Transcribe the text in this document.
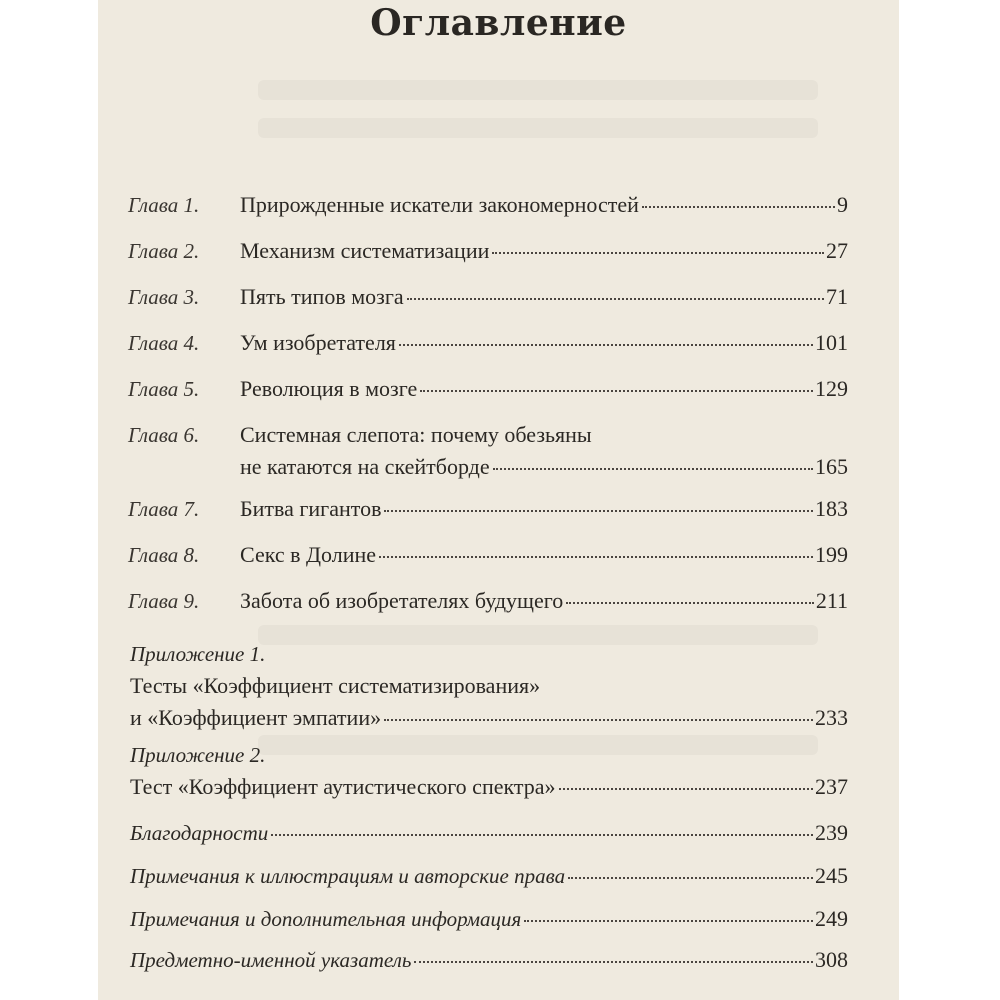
Оглавление
Глава 1. Прирожденные искатели закономерностей	9
Глава 2. Механизм систематизации	27
Глава 3. Пять типов мозга	71
Глава 4. Ум изобретателя	101
Глава 5. Революция в мозге	129
Глава 6. Системная слепота: почему обезьяны
не катаются на скейтборде	165
Глава 7. Битва гигантов	183
Глава 8. Секс в Долине	199
Глава 9. Забота об изобретателях будущего	211
Приложение 1.
Тесты «Коэффициент систематизирования»
и «Коэффициент эмпатии»	233
Приложение 2.
Тест «Коэффициент аутистического спектра»	237
Благодарности	239
Примечания к иллюстрациям и авторские права	245
Примечания и дополнительная информация	249
Предметно-именной указатель	308
